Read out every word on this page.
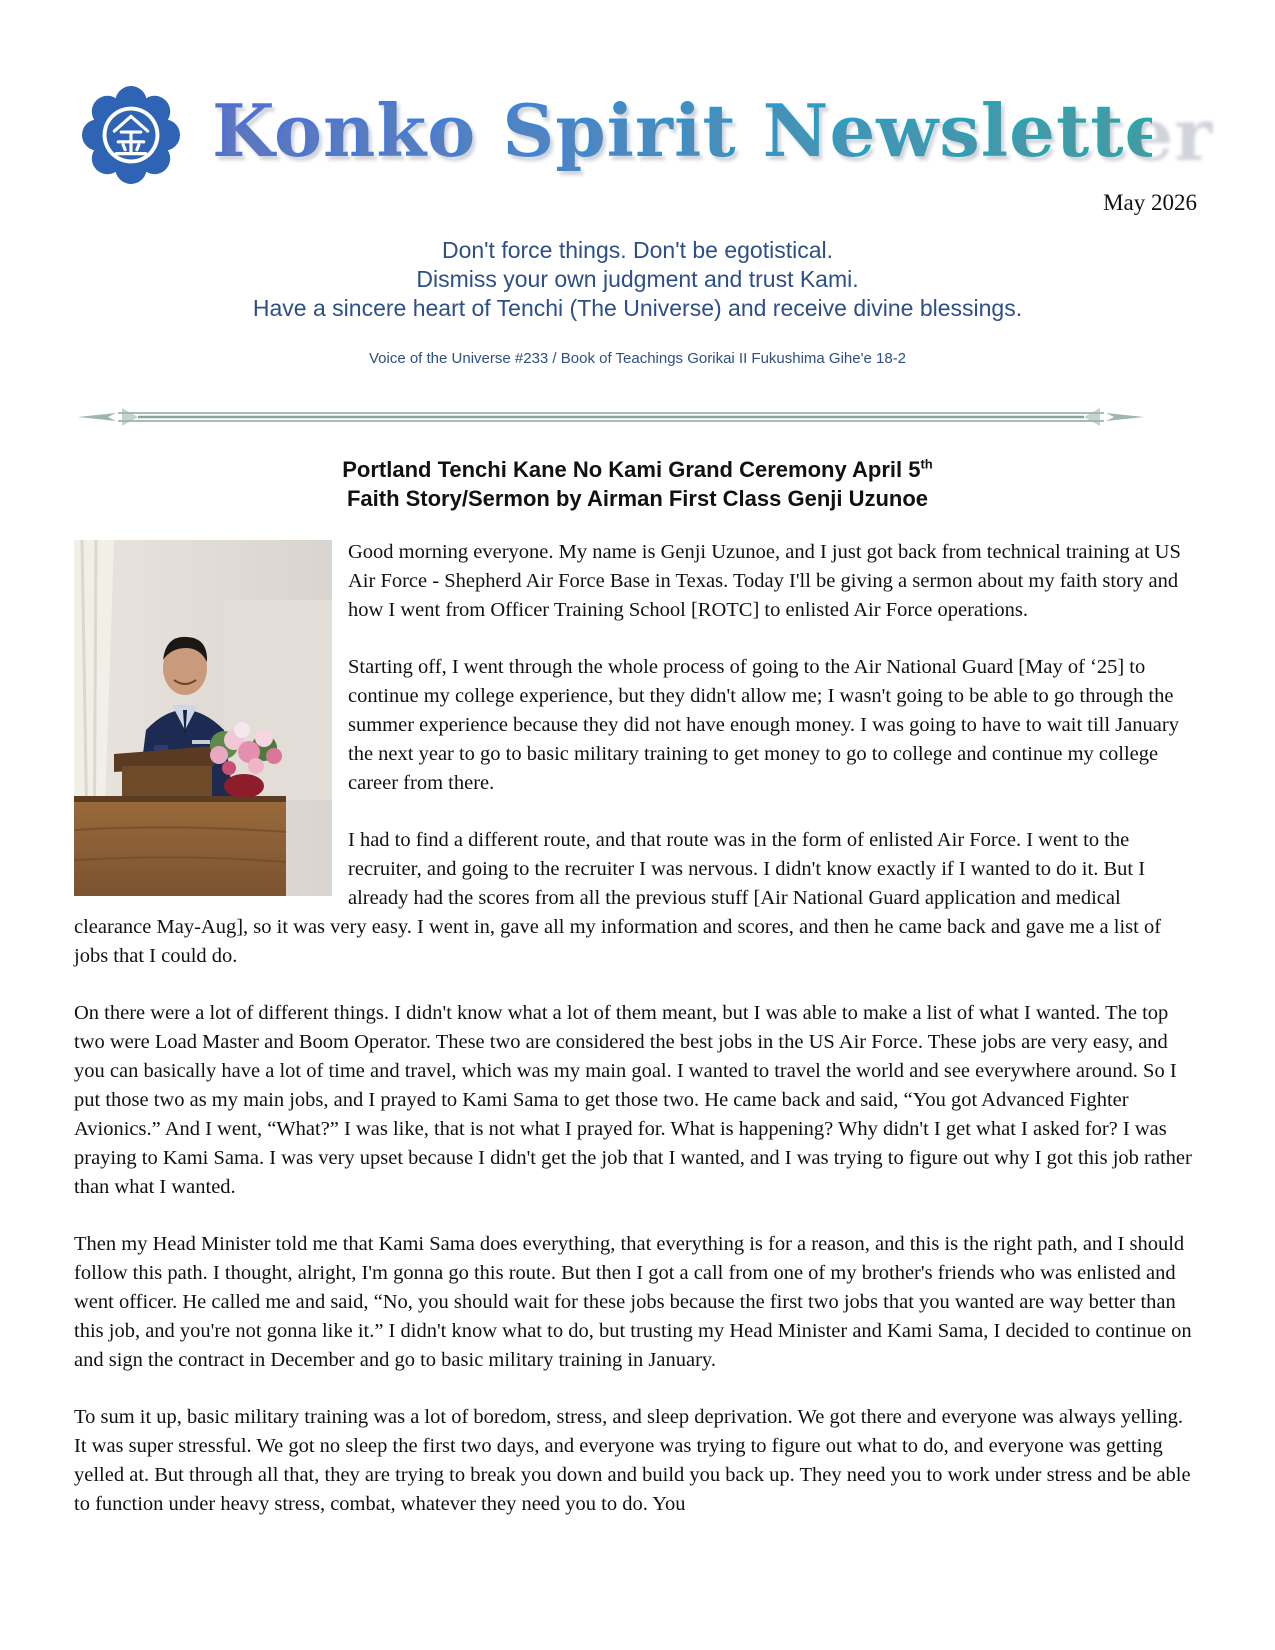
Konko Spirit Newsletter
May 2026
Don't force things. Don't be egotistical.
Dismiss your own judgment and trust Kami.
Have a sincere heart of Tenchi (The Universe) and receive divine blessings.
Voice of the Universe #233 / Book of Teachings Gorikai II Fukushima Gihe'e 18-2
Portland Tenchi Kane No Kami Grand Ceremony April 5th
Faith Story/Sermon by Airman First Class Genji Uzunoe

Good morning everyone. My name is Genji Uzunoe, and I just got back from technical training at US Air Force - Shepherd Air Force Base in Texas. Today I'll be giving a sermon about my faith story and how I went from Officer Training School [ROTC] to enlisted Air Force operations.

Starting off, I went through the whole process of going to the Air National Guard [May of ‘25] to continue my college experience, but they didn't allow me; I wasn't going to be able to go through the summer experience because they did not have enough money. I was going to have to wait till January the next year to go to basic military training to get money to go to college and continue my college career from there.

I had to find a different route, and that route was in the form of enlisted Air Force. I went to the recruiter, and going to the recruiter I was nervous. I didn't know exactly if I wanted to do it. But I already had the scores from all the previous stuff [Air National Guard application and medical clearance May-Aug], so it was very easy. I went in, gave all my information and scores, and then he came back and gave me a list of jobs that I could do.

On there were a lot of different things. I didn't know what a lot of them meant, but I was able to make a list of what I wanted. The top two were Load Master and Boom Operator. These two are considered the best jobs in the US Air Force. These jobs are very easy, and you can basically have a lot of time and travel, which was my main goal. I wanted to travel the world and see everywhere around. So I put those two as my main jobs, and I prayed to Kami Sama to get those two. He came back and said, “You got Advanced Fighter Avionics.” And I went, “What?” I was like, that is not what I prayed for. What is happening? Why didn't I get what I asked for? I was praying to Kami Sama. I was very upset because I didn't get the job that I wanted, and I was trying to figure out why I got this job rather than what I wanted.

Then my Head Minister told me that Kami Sama does everything, that everything is for a reason, and this is the right path, and I should follow this path. I thought, alright, I'm gonna go this route. But then I got a call from one of my brother's friends who was enlisted and went officer. He called me and said, “No, you should wait for these jobs because the first two jobs that you wanted are way better than this job, and you're not gonna like it.” I didn't know what to do, but trusting my Head Minister and Kami Sama, I decided to continue on and sign the contract in December and go to basic military training in January.

To sum it up, basic military training was a lot of boredom, stress, and sleep deprivation. We got there and everyone was always yelling. It was super stressful. We got no sleep the first two days, and everyone was trying to figure out what to do, and everyone was getting yelled at. But through all that, they are trying to break you down and build you back up. They need you to work under stress and be able to function under heavy stress, combat, whatever they need you to do. You
